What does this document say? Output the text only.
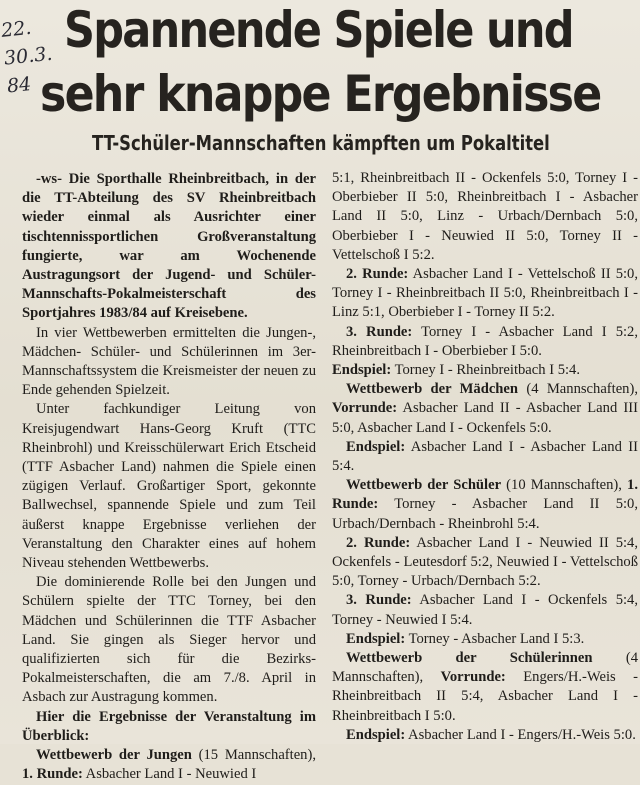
22.
30.3.
84
Spannende Spiele und
sehr knappe Ergebnisse
TT-Schüler-Mannschaften kämpften um Pokaltitel

-ws- Die Sporthalle Rheinbreitbach, in der die TT-Abteilung des SV Rheinbreitbach wieder einmal als Ausrichter einer tischtennissportlichen Großveranstaltung fungierte, war am Wochenende Austragungsort der Jugend- und Schüler-Mannschafts-Pokalmeisterschaft des Sportjahres 1983/84 auf Kreisebene.

In vier Wettbewerben ermittelten die Jungen-, Mädchen- Schüler- und Schülerinnen im 3er-Mannschaftssystem die Kreismeister der neuen zu Ende gehenden Spielzeit.

Unter fachkundiger Leitung von Kreisjugendwart Hans-Georg Kruft (TTC Rheinbrohl) und Kreisschülerwart Erich Etscheid (TTF Asbacher Land) nahmen die Spiele einen zügigen Verlauf. Großartiger Sport, gekonnte Ballwechsel, spannende Spiele und zum Teil äußerst knappe Ergebnisse verliehen der Veranstaltung den Charakter eines auf hohem Niveau stehenden Wettbewerbs.

Die dominierende Rolle bei den Jungen und Schülern spielte der TTC Torney, bei den Mädchen und Schülerinnen die TTF Asbacher Land. Sie gingen als Sieger hervor und qualifizierten sich für die Bezirks-Pokalmeisterschaften, die am 7./8. April in Asbach zur Austragung kommen.

Hier die Ergebnisse der Veranstaltung im Überblick:

Wettbewerb der Jungen (15 Mannschaften), 1. Runde: Asbacher Land I - Neuwied I

5:1, Rheinbreitbach II - Ockenfels 5:0, Torney I - Oberbieber II 5:0, Rheinbreitbach I - Asbacher Land II 5:0, Linz - Urbach/Dernbach 5:0, Oberbieber I - Neuwied II 5:0, Torney II - Vettelschoß I 5:2.

2. Runde: Asbacher Land I - Vettelschoß II 5:0, Torney I - Rheinbreitbach II 5:0, Rheinbreitbach I - Linz 5:1, Oberbieber I - Torney II 5:2.

3. Runde: Torney I - Asbacher Land I 5:2, Rheinbreitbach I - Oberbieber I 5:0.

Endspiel: Torney I - Rheinbreitbach I 5:4.

Wettbewerb der Mädchen (4 Mannschaften), Vorrunde: Asbacher Land II - Asbacher Land III 5:0, Asbacher Land I - Ockenfels 5:0.

Endspiel: Asbacher Land I - Asbacher Land II 5:4.

Wettbewerb der Schüler (10 Mannschaften), 1. Runde: Torney - Asbacher Land II 5:0, Urbach/Dernbach - Rheinbrohl 5:4.

2. Runde: Asbacher Land I - Neuwied II 5:4, Ockenfels - Leutesdorf 5:2, Neuwied I - Vettelschoß 5:0, Torney - Urbach/Dernbach 5:2.

3. Runde: Asbacher Land I - Ockenfels 5:4, Torney - Neuwied I 5:4.

Endspiel: Torney - Asbacher Land I 5:3.

Wettbewerb der Schülerinnen (4 Mannschaften), Vorrunde: Engers/H.-Weis - Rheinbreitbach II 5:4, Asbacher Land I - Rheinbreitbach I 5:0.

Endspiel: Asbacher Land I - Engers/H.-Weis 5:0.
